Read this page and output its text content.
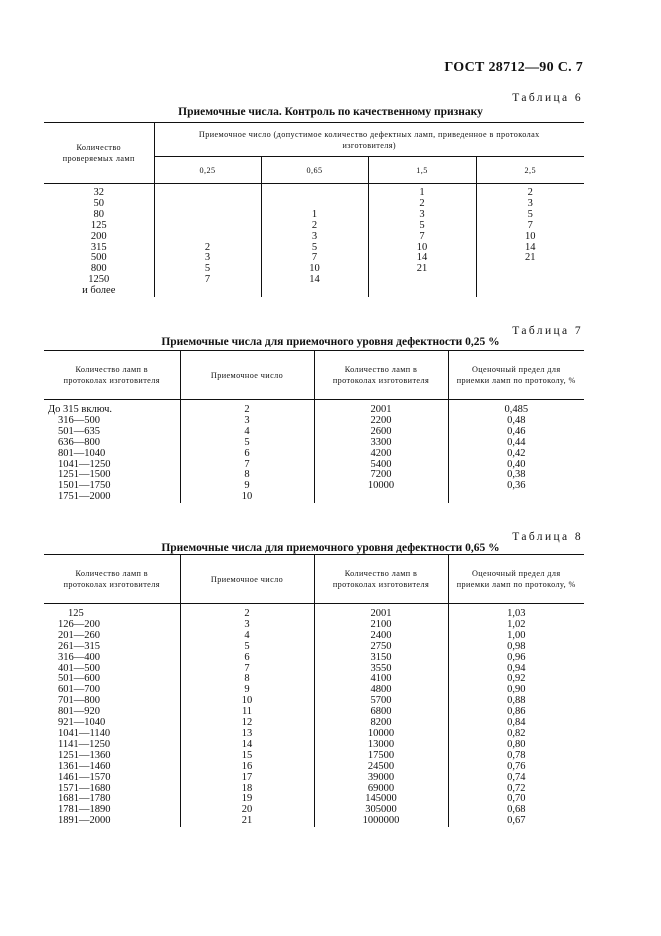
ГОСТ 28712—90 С. 7
Таблица 6
Приемочные числа. Контроль по качественному признаку
Количество проверяемых ламп	Приемочное число (допустимое количество дефектных ламп, приведенное в протоколах изготовителя)			
	0,25	0,65	1,5	2,5
32			1	2
50			2	3
80		1	3	5
125		2	5	7
200		3	7	10
315	2	5	10	14
500	3	7	14	21
800	5	10	21	
1250	7	14		
и более				
Таблица 7
Приемочные числа для приемочного уровня дефектности 0,25 %
Количество ламп в протоколах изготовителя	Приемочное число	Количество ламп в протоколах изготовителя	Оценочный предел для приемки ламп по протоколу, %
До 315 включ.	2	2001	0,485
316—500	3	2200	0,48
501—635	4	2600	0,46
636—800	5	3300	0,44
801—1040	6	4200	0,42
1041—1250	7	5400	0,40
1251—1500	8	7200	0,38
1501—1750	9	10000	0,36
1751—2000	10		
Таблица 8
Приемочные числа для приемочного уровня дефектности 0,65 %
Количество ламп в протоколах изготовителя	Приемочное число	Количество ламп в протоколах изготовителя	Оценочный предел для приемки ламп по протоколу, %
125	2	2001	1,03
126—200	3	2100	1,02
201—260	4	2400	1,00
261—315	5	2750	0,98
316—400	6	3150	0,96
401—500	7	3550	0,94
501—600	8	4100	0,92
601—700	9	4800	0,90
701—800	10	5700	0,88
801—920	11	6800	0,86
921—1040	12	8200	0,84
1041—1140	13	10000	0,82
1141—1250	14	13000	0,80
1251—1360	15	17500	0,78
1361—1460	16	24500	0,76
1461—1570	17	39000	0,74
1571—1680	18	69000	0,72
1681—1780	19	145000	0,70
1781—1890	20	305000	0,68
1891—2000	21	1000000	0,67
